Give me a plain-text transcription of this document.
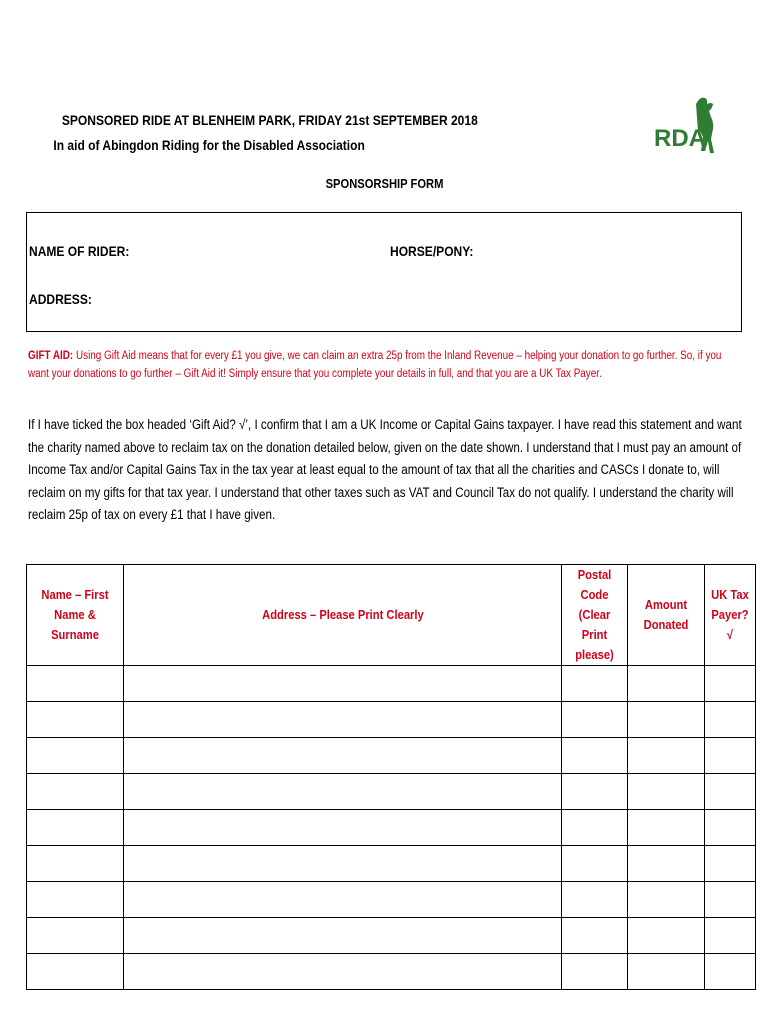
SPONSORED RIDE AT BLENHEIM PARK, FRIDAY 21st SEPTEMBER 2018
In aid of Abingdon Riding for the Disabled Association
SPONSORSHIP FORM
RDA
NAME OF RIDER:	HORSE/PONY:
ADDRESS:
GIFT AID: Using Gift Aid means that for every £1 you give, we can claim an extra 25p from the Inland Revenue – helping your donation to go further. So, if you want your donations to go further – Gift Aid it! Simply ensure that you complete your details in full, and that you are a UK Tax Payer.
If I have ticked the box headed ‘Gift Aid? √’, I confirm that I am a UK Income or Capital Gains taxpayer. I have read this statement and want the charity named above to reclaim tax on the donation detailed below, given on the date shown. I understand that I must pay an amount of Income Tax and/or Capital Gains Tax in the tax year at least equal to the amount of tax that all the charities and CASCs I donate to, will reclaim on my gifts for that tax year. I understand that other taxes such as VAT and Council Tax do not qualify. I understand the charity will reclaim 25p of tax on every £1 that I have given.
Name – First Name & Surname	Address – Please Print Clearly	Postal Code (Clear Print please)	Amount Donated	UK Tax Payer? √
